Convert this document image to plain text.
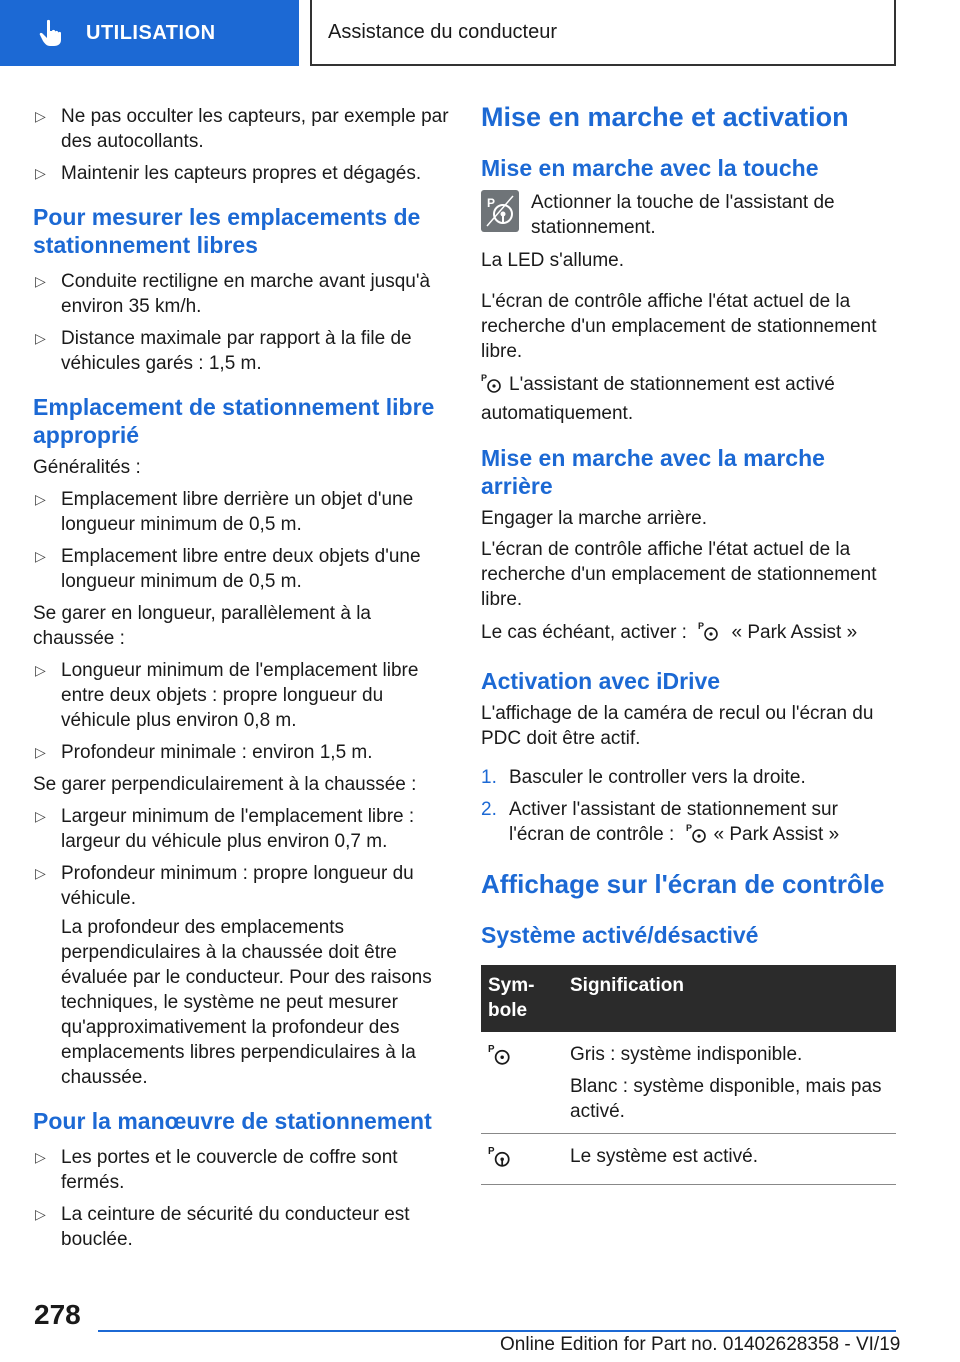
UTILISATION	Assistance du conducteur
▷ Ne pas occulter les capteurs, par exemple par des autocollants.
▷ Maintenir les capteurs propres et dégagés.
Pour mesurer les emplacements de stationnement libres
▷ Conduite rectiligne en marche avant jusqu'à environ 35 km/h.
▷ Distance maximale par rapport à la file de véhicules garés : 1,5 m.
Emplacement de stationnement libre approprié
Généralités :
▷ Emplacement libre derrière un objet d'une longueur minimum de 0,5 m.
▷ Emplacement libre entre deux objets d'une longueur minimum de 0,5 m.
Se garer en longueur, parallèlement à la chaussée :
▷ Longueur minimum de l'emplacement libre entre deux objets : propre longueur du véhicule plus environ 0,8 m.
▷ Profondeur minimale : environ 1,5 m.
Se garer perpendiculairement à la chaussée :
▷ Largeur minimum de l'emplacement libre : largeur du véhicule plus environ 0,7 m.
▷ Profondeur minimum : propre longueur du véhicule.
La profondeur des emplacements perpendiculaires à la chaussée doit être évaluée par le conducteur. Pour des raisons techniques, le système ne peut mesurer qu'approximativement la profondeur des emplacements libres perpendiculaires à la chaussée.
Pour la manœuvre de stationnement
▷ Les portes et le couvercle de coffre sont fermés.
▷ La ceinture de sécurité du conducteur est bouclée.
Mise en marche et activation
Mise en marche avec la touche
P Actionner la touche de l'assistant de stationnement.
La LED s'allume.
L'écran de contrôle affiche l'état actuel de la recherche d'un emplacement de stationnement libre.
P L'assistant de stationnement est activé automatiquement.
Mise en marche avec la marche arrière
Engager la marche arrière.
L'écran de contrôle affiche l'état actuel de la recherche d'un emplacement de stationnement libre.
Le cas échéant, activer : P « Park Assist »
Activation avec iDrive
L'affichage de la caméra de recul ou l'écran du PDC doit être actif.
1. Basculer le controller vers la droite.
2. Activer l'assistant de stationnement sur l'écran de contrôle : P « Park Assist »
Affichage sur l'écran de contrôle
Système activé/désactivé
Sym-bole	Signification

P	Gris : système indisponible.
Blanc : système disponible, mais pas activé.

P	Le système est activé.
278
Online Edition for Part no. 01402628358 - VI/19
